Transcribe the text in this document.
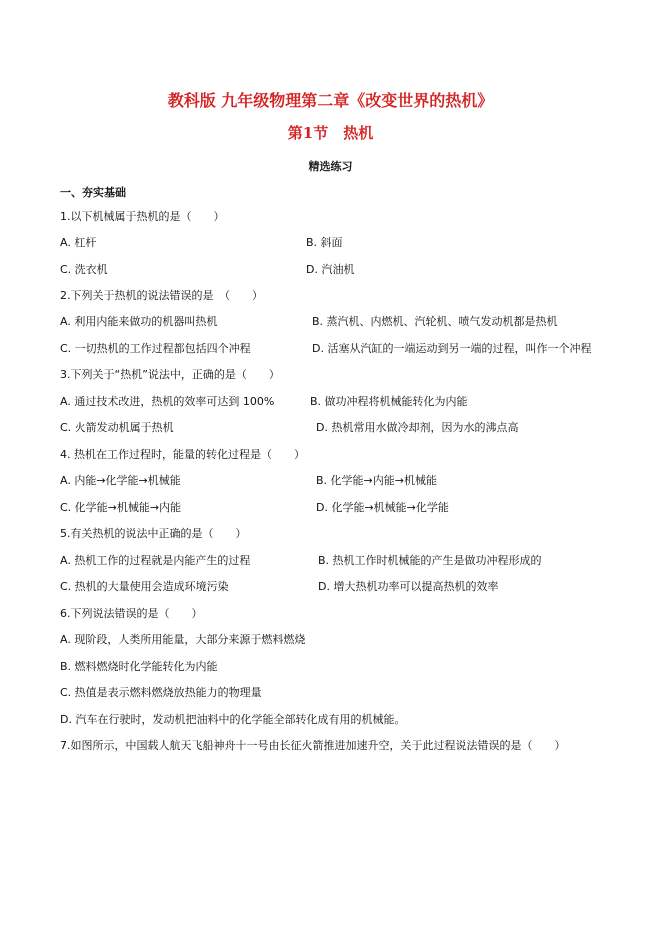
教科版 九年级物理第二章《改变世界的热机》
第1节　热机
精选练习
一、夯实基础
1.以下机械属于热机的是（　　）
A. 杠杆	B. 斜面
C. 洗衣机	D. 汽油机
2.下列关于热机的说法错误的是　（　　）
A. 利用内能来做功的机器叫热机	B. 蒸汽机、内燃机、汽轮机、喷气发动机都是热机
C. 一切热机的工作过程都包括四个冲程	D. 活塞从汽缸的一端运动到另一端的过程，叫作一个冲程
3.下列关于“热机”说法中，正确的是（　　）
A. 通过技术改进，热机的效率可达到 100%	B. 做功冲程将机械能转化为内能
C. 火箭发动机属于热机	D. 热机常用水做冷却剂，因为水的沸点高
4. 热机在工作过程时，能量的转化过程是（　　）
A. 内能→化学能→机械能	B. 化学能→内能→机械能
C. 化学能→机械能→内能	D. 化学能→机械能→化学能
5.有关热机的说法中正确的是（　　）
A. 热机工作的过程就是内能产生的过程	B. 热机工作时机械能的产生是做功冲程形成的
C. 热机的大量使用会造成环境污染	D. 增大热机功率可以提高热机的效率
6.下列说法错误的是（　　）
A. 现阶段，人类所用能量，大部分来源于燃料燃烧
B. 燃料燃烧时化学能转化为内能
C. 热值是表示燃料燃烧放热能力的物理量
D. 汽车在行驶时，发动机把油料中的化学能全部转化成有用的机械能。
7.如图所示，中国载人航天飞船神舟十一号由长征火箭推进加速升空，关于此过程说法错误的是（　　）
